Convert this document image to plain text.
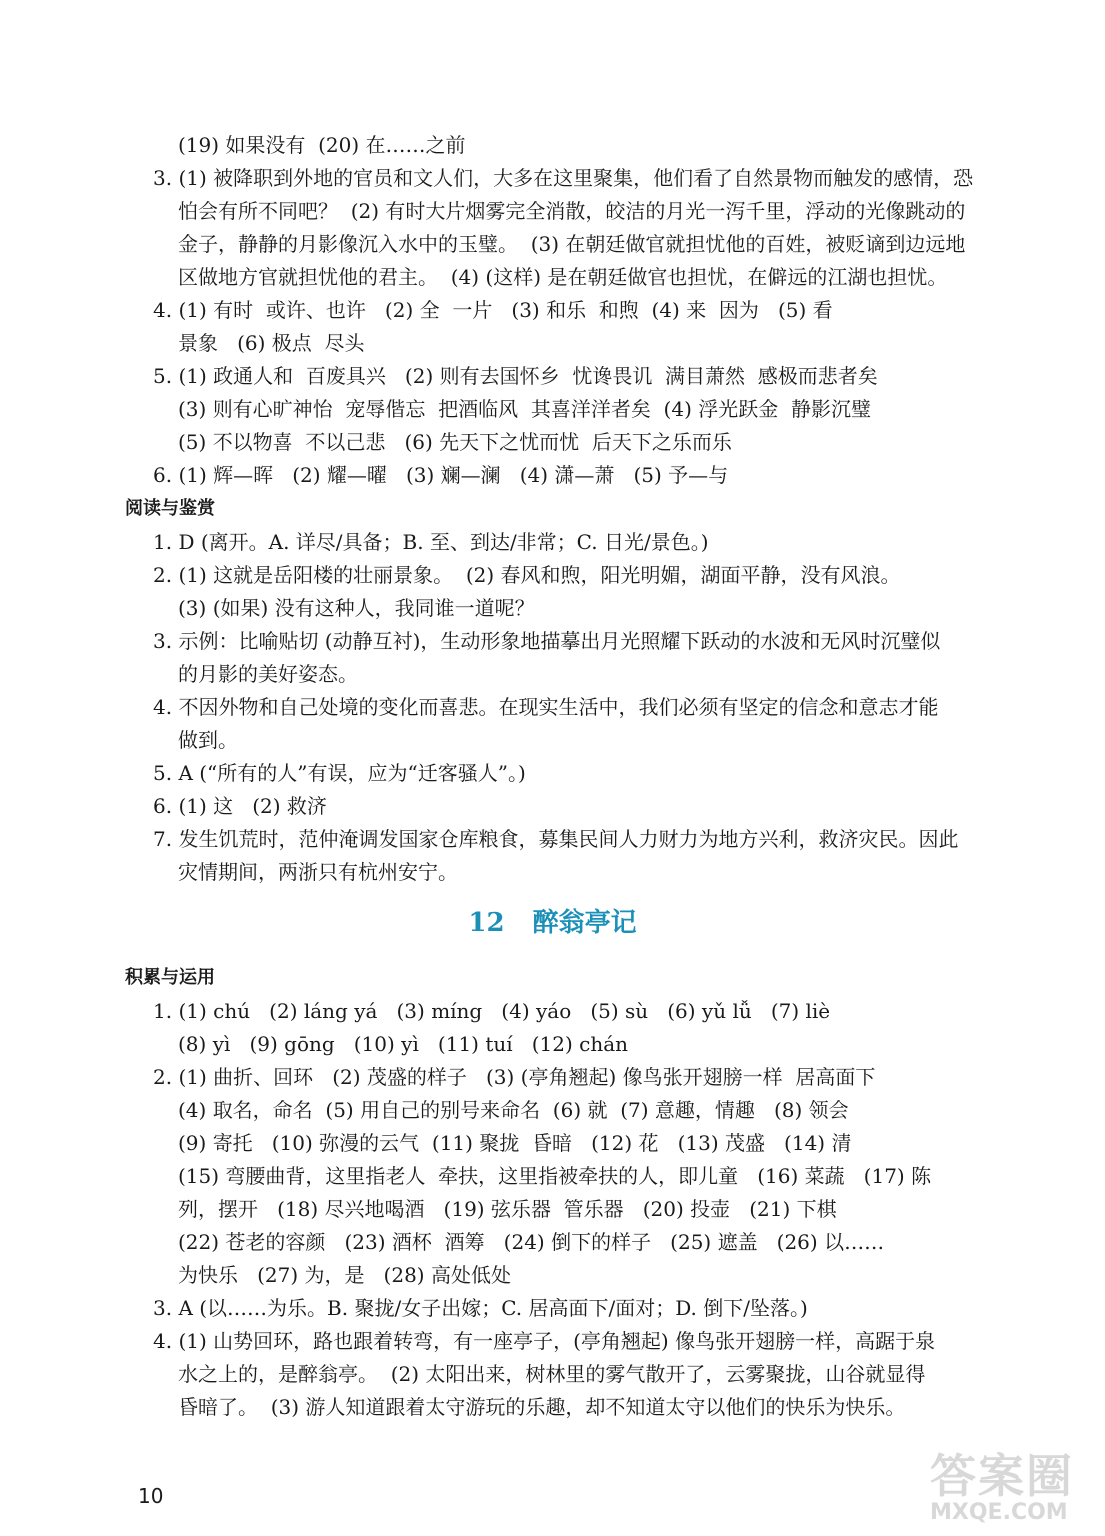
(19) 如果没有  (20) 在……之前
3. (1) 被降职到外地的官员和文人们，大多在这里聚集，他们看了自然景物而触发的感情，恐
怕会有所不同吧？  (2) 有时大片烟雾完全消散，皎洁的月光一泻千里，浮动的光像跳动的
金子，静静的月影像沉入水中的玉璧。  (3) 在朝廷做官就担忧他的百姓，被贬谪到边远地
区做地方官就担忧他的君主。  (4) (这样) 是在朝廷做官也担忧，在僻远的江湖也担忧。
4. (1) 有时  或许、也许   (2) 全  一片   (3) 和乐  和煦  (4) 来  因为   (5) 看
景象   (6) 极点  尽头
5. (1) 政通人和  百废具兴   (2) 则有去国怀乡  忧谗畏讥  满目萧然  感极而悲者矣
(3) 则有心旷神怡  宠辱偕忘  把酒临风  其喜洋洋者矣  (4) 浮光跃金  静影沉璧
(5) 不以物喜  不以己悲   (6) 先天下之忧而忧  后天下之乐而乐
6. (1) 辉—晖   (2) 耀—曜   (3) 斓—澜   (4) 潇—萧   (5) 予—与
阅读与鉴赏
1. D (离开。A. 详尽/具备；B. 至、到达/非常；C. 日光/景色。)
2. (1) 这就是岳阳楼的壮丽景象。  (2) 春风和煦，阳光明媚，湖面平静，没有风浪。
(3) (如果) 没有这种人，我同谁一道呢？
3. 示例：比喻贴切 (动静互衬)，生动形象地描摹出月光照耀下跃动的水波和无风时沉璧似
的月影的美好姿态。
4. 不因外物和自己处境的变化而喜悲。在现实生活中，我们必须有坚定的信念和意志才能
做到。
5. A (“所有的人”有误，应为“迁客骚人”。)
6. (1) 这   (2) 救济
7. 发生饥荒时，范仲淹调发国家仓库粮食，募集民间人力财力为地方兴利，救济灾民。因此
灾情期间，两浙只有杭州安宁。
12 醉翁亭记
积累与运用
1. (1) chú   (2) láng yá   (3) míng   (4) yáo   (5) sù   (6) yǔ lǚ   (7) liè
(8) yì   (9) gōng   (10) yì   (11) tuí   (12) chán
2. (1) 曲折、回环   (2) 茂盛的样子   (3) (亭角翘起) 像鸟张开翅膀一样  居高面下
(4) 取名，命名  (5) 用自己的别号来命名  (6) 就  (7) 意趣，情趣   (8) 领会
(9) 寄托   (10) 弥漫的云气  (11) 聚拢  昏暗   (12) 花   (13) 茂盛   (14) 清
(15) 弯腰曲背，这里指老人  牵扶，这里指被牵扶的人，即儿童   (16) 菜蔬   (17) 陈
列，摆开   (18) 尽兴地喝酒   (19) 弦乐器  管乐器   (20) 投壶   (21) 下棋
(22) 苍老的容颜   (23) 酒杯  酒筹   (24) 倒下的样子   (25) 遮盖   (26) 以……
为快乐   (27) 为，是   (28) 高处低处
3. A (以……为乐。B. 聚拢/女子出嫁；C. 居高面下/面对；D. 倒下/坠落。)
4. (1) 山势回环，路也跟着转弯，有一座亭子，(亭角翘起) 像鸟张开翅膀一样，高踞于泉
水之上的，是醉翁亭。  (2) 太阳出来，树林里的雾气散开了，云雾聚拢，山谷就显得
昏暗了。  (3) 游人知道跟着太守游玩的乐趣，却不知道太守以他们的快乐为快乐。
10	答案圈
MXQE.COM
